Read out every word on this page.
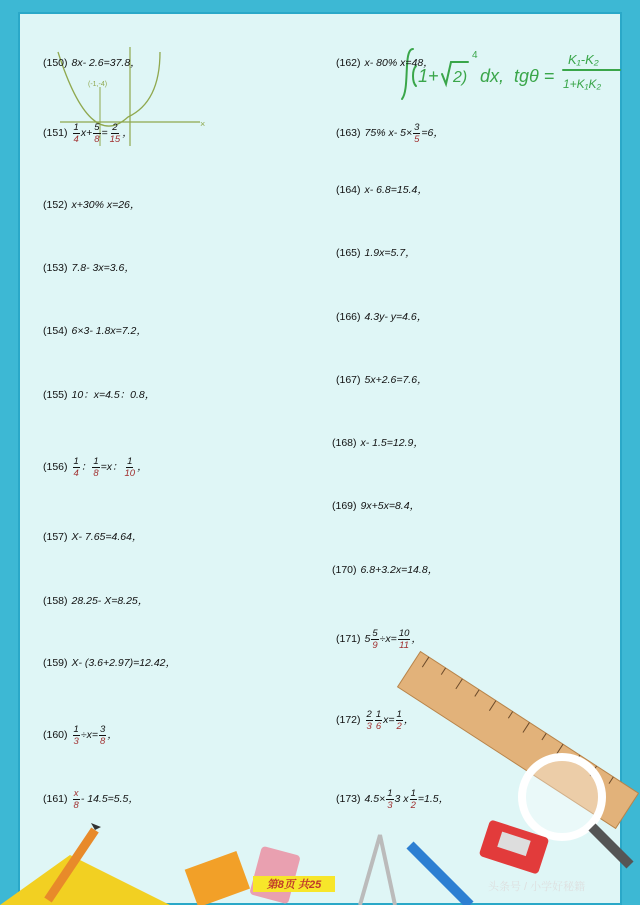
×
(-1,-4)	1+ 2)
4
dx, tgθ =
K₁-K₂
1+K₁K₂
(150) 8x- 2.6=37.8，
(151) 1
4
$x+ \frac{5}{8} = \frac{2}{15}$ ，
(152) x+30% x=26，
(153) 7.8- 3x=3.6，
(154) 6×3- 1.8x=7.2，
(155) 10：x=4.5：0.8，
(156) 1
4
： $\frac{1}{8} =x$： 1
10
，
(157) X- 7.65=4.64，
(158) 28.25- X=8.25，
(159) X- (3.6+2.97)=12.42，
$(160) \frac{1}{3} \div x= \frac{3}{8}$ ，
(161) x
8
- 14.5=5.5，
(162) x- 80% x=48，
(163) 75% x- $5\times \frac{3}{5} =6$，
(164) x- 6.8=15.4，
(165) 1.9x=5.7，
(166) 4.3y- y=4.6，
(167) 5x+2.6=7.6，
(168) x- 1.5=12.9，
(169) 9x+5x=8.4，
(170) 6.8+3.2x=14.8，
(171) $5 \frac{5}{9} \div x= \frac{10}{11}$ ，
(172) 2
3
1
6
$x= \frac{1}{2}$ ，
(173) $4.5\times \frac{1}{3} 3$ x $\frac{1}{2} =1.5$，
第8页 共25	头条号 / 小学好秘籍
